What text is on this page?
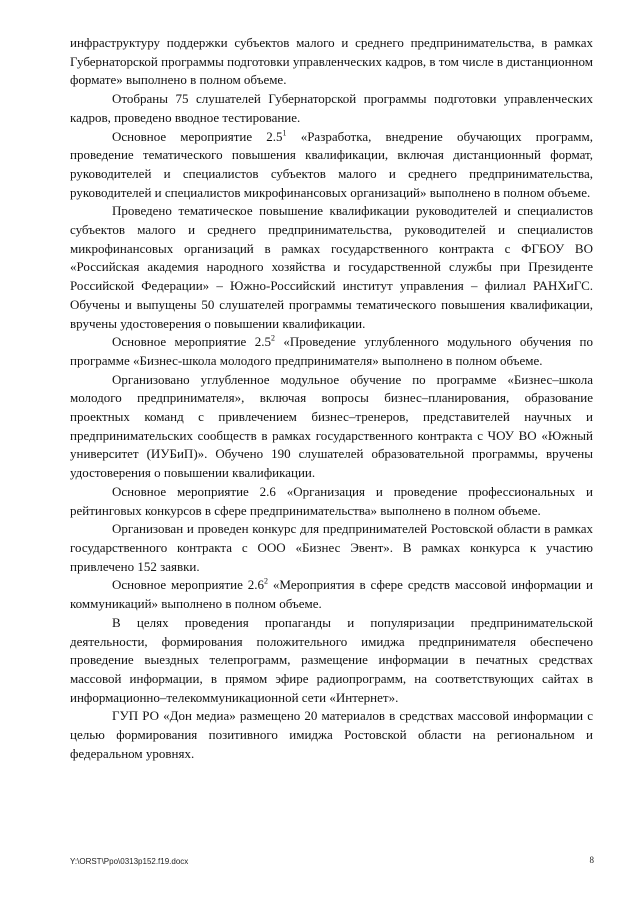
инфраструктуру поддержки субъектов малого и среднего предпринимательства, в рамках Губернаторской программы подготовки управленческих кадров, в том числе в дистанционном формате» выполнено в полном объеме.

Отобраны 75 слушателей Губернаторской программы подготовки управленческих кадров, проведено вводное тестирование.

Основное мероприятие $2.5^1$ «Разработка, внедрение обучающих программ, проведение тематического повышения квалификации, включая дистанционный формат, руководителей и специалистов субъектов малого и среднего предпринимательства, руководителей и специалистов микрофинансовых организаций» выполнено в полном объеме.

Проведено тематическое повышение квалификации руководителей и специалистов субъектов малого и среднего предпринимательства, руководителей и специалистов микрофинансовых организаций в рамках государственного контракта с ФГБОУ ВО «Российская академия народного хозяйства и государственной службы при Президенте Российской Федерации» – Южно-Российский институт управления – филиал РАНХиГС. Обучены и выпущены 50 слушателей программы тематического повышения квалификации, вручены удостоверения о повышении квалификации.

Основное мероприятие $2.5^2$ «Проведение углубленного модульного обучения по программе «Бизнес-школа молодого предпринимателя» выполнено в полном объеме.

Организовано углубленное модульное обучение по программе «Бизнес–школа молодого предпринимателя», включая вопросы бизнес–планирования, образование проектных команд с привлечением бизнес–тренеров, представителей научных и предпринимательских сообществ в рамках государственного контракта с ЧОУ ВО «Южный университет (ИУБиП)». Обучено 190 слушателей образовательной программы, вручены удостоверения о повышении квалификации.

Основное мероприятие 2.6 «Организация и проведение профессиональных и рейтинговых конкурсов в сфере предпринимательства» выполнено в полном объеме.

Организован и проведен конкурс для предпринимателей Ростовской области в рамках государственного контракта с ООО «Бизнес Эвент». В рамках конкурса к участию привлечено 152 заявки.

Основное мероприятие $2.6^2$ «Мероприятия в сфере средств массовой информации и коммуникаций» выполнено в полном объеме.

В целях проведения пропаганды и популяризации предпринимательской деятельности, формирования положительного имиджа предпринимателя обеспечено проведение выездных телепрограмм, размещение информации в печатных средствах массовой информации, в прямом эфире радиопрограмм, на соответствующих сайтах в информационно–телекоммуникационной сети «Интернет».

ГУП РО «Дон медиа» размещено 20 материалов в средствах массовой информации с целью формирования позитивного имиджа Ростовской области на региональном и федеральном уровнях.

Y:\ORST\Ppo\0313p152.f19.docx	8
